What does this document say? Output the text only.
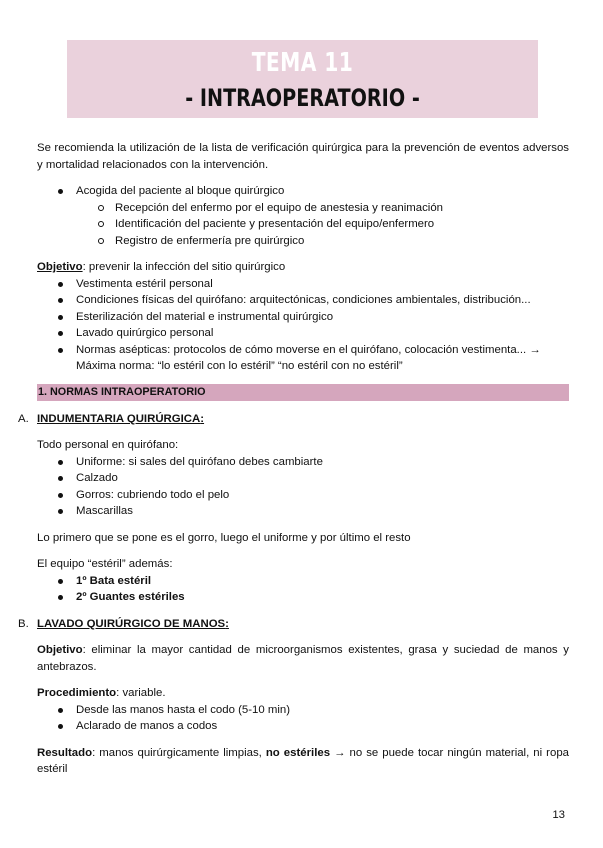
TEMA 11
- INTRAOPERATORIO -

Se recomienda la utilización de la lista de verificación quirúrgica para la prevención de eventos adversos y mortalidad relacionados con la intervención.

Acogida del paciente al bloque quirúrgico
Recepción del enfermo por el equipo de anestesia y reanimación
Identificación del paciente y presentación del equipo/enfermero
Registro de enfermería pre quirúrgico

Objetivo: prevenir la infección del sitio quirúrgico

Vestimenta estéril personal
Condiciones físicas del quirófano: arquitectónicas, condiciones ambientales, distribución...
Esterilización del material e instrumental quirúrgico
Lavado quirúrgico personal
Normas asépticas: protocolos de cómo moverse en el quirófano, colocación vestimenta... → Máxima norma: “lo estéril con lo estéril” “no estéril con no estéril”
1. NORMAS INTRAOPERATORIO

A. INDUMENTARIA QUIRÚRGICA:

Todo personal en quirófano:

Uniforme: si sales del quirófano debes cambiarte
Calzado
Gorros: cubriendo todo el pelo
Mascarillas

Lo primero que se pone es el gorro, luego el uniforme y por último el resto

El equipo “estéril” además:

1º Bata estéril
2º Guantes estériles

B. LAVADO QUIRÚRGICO DE MANOS:

Objetivo: eliminar la mayor cantidad de microorganismos existentes, grasa y suciedad de manos y antebrazos.

Procedimiento: variable.

Desde las manos hasta el codo (5-10 min)
Aclarado de manos a codos

Resultado: manos quirúrgicamente limpias, no estériles → no se puede tocar ningún material, ni ropa estéril

13
